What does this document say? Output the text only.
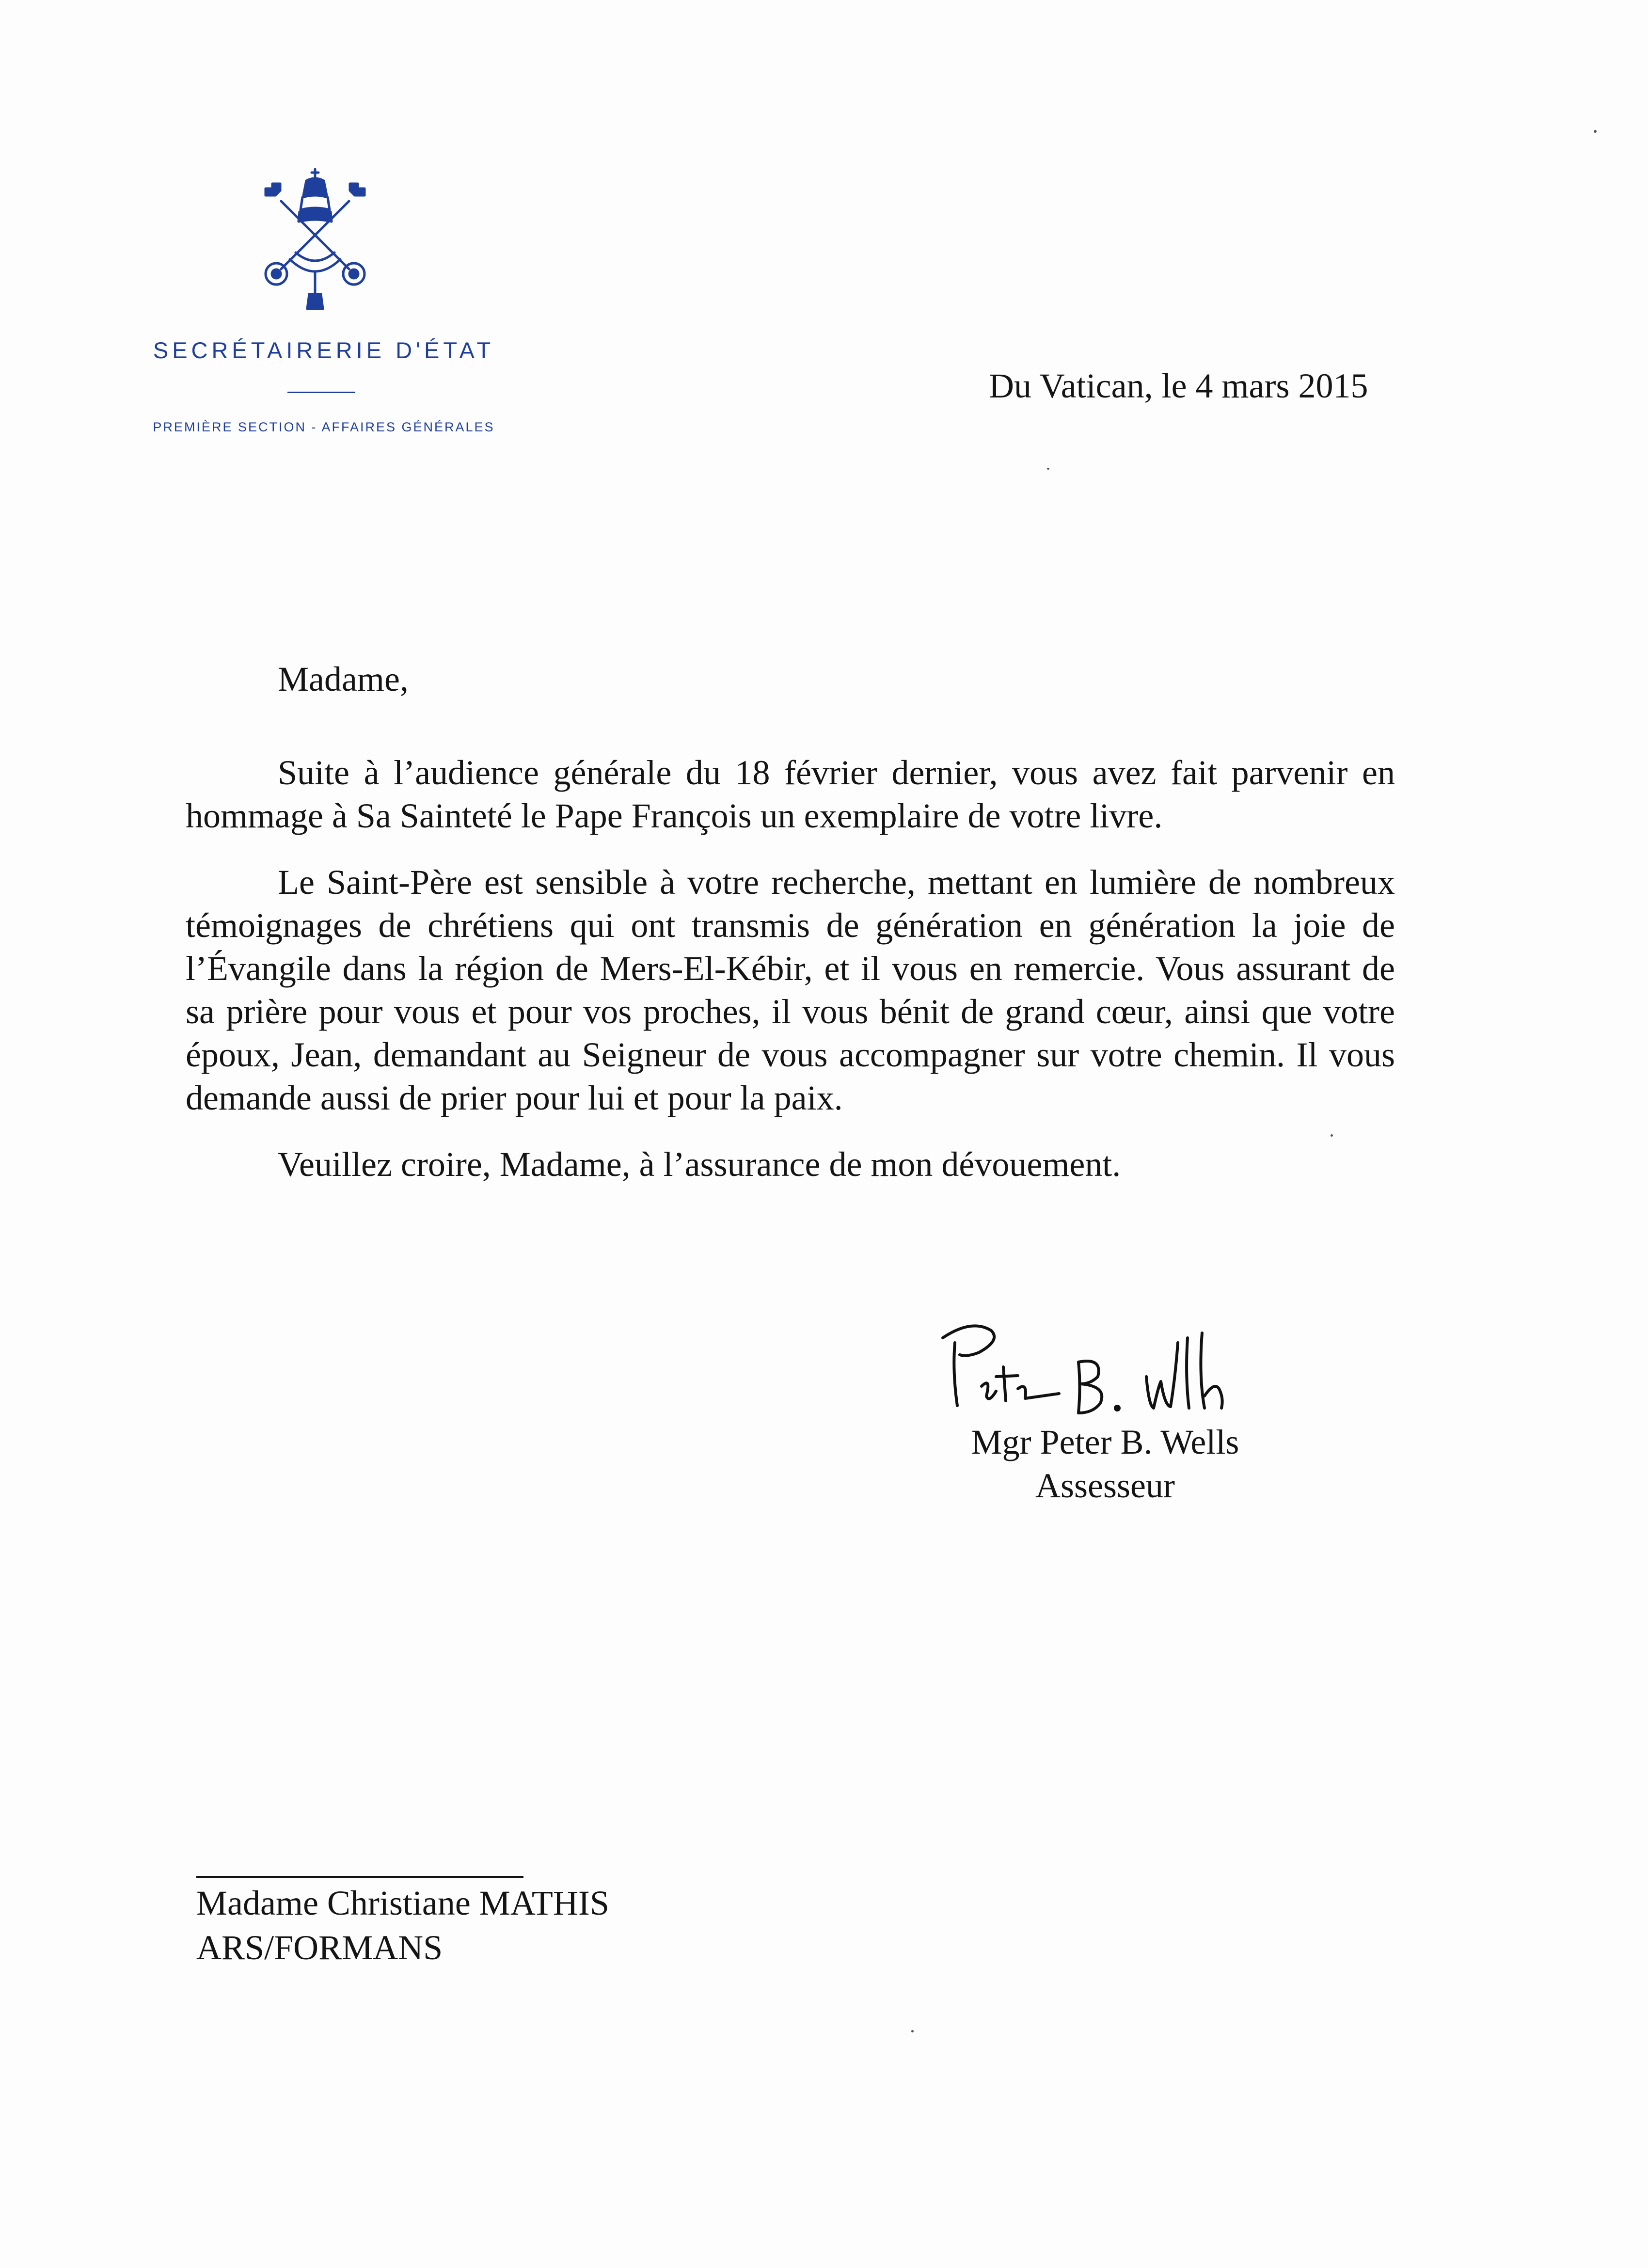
SECRÉTAIRERIE D'ÉTAT
PREMIÈRE SECTION - AFFAIRES GÉNÉRALES
Du Vatican, le 4 mars 2015
Madame,

Suite à l’audience générale du 18 février dernier, vous avez fait parvenir en hommage à Sa Sainteté le Pape François un exemplaire de votre livre.

Le Saint-Père est sensible à votre recherche, mettant en lumière de nombreux témoignages de chrétiens qui ont transmis de génération en génération la joie de l’Évangile dans la région de Mers-El-Kébir, et il vous en remercie. Vous assurant de sa prière pour vous et pour vos proches, il vous bénit de grand cœur, ainsi que votre époux, Jean, demandant au Seigneur de vous accompagner sur votre chemin. Il vous demande aussi de prier pour lui et pour la paix.

Veuillez croire, Madame, à l’assurance de mon dévouement.

Mgr Peter B. Wells
Assesseur
Madame Christiane MATHIS
ARS/FORMANS
